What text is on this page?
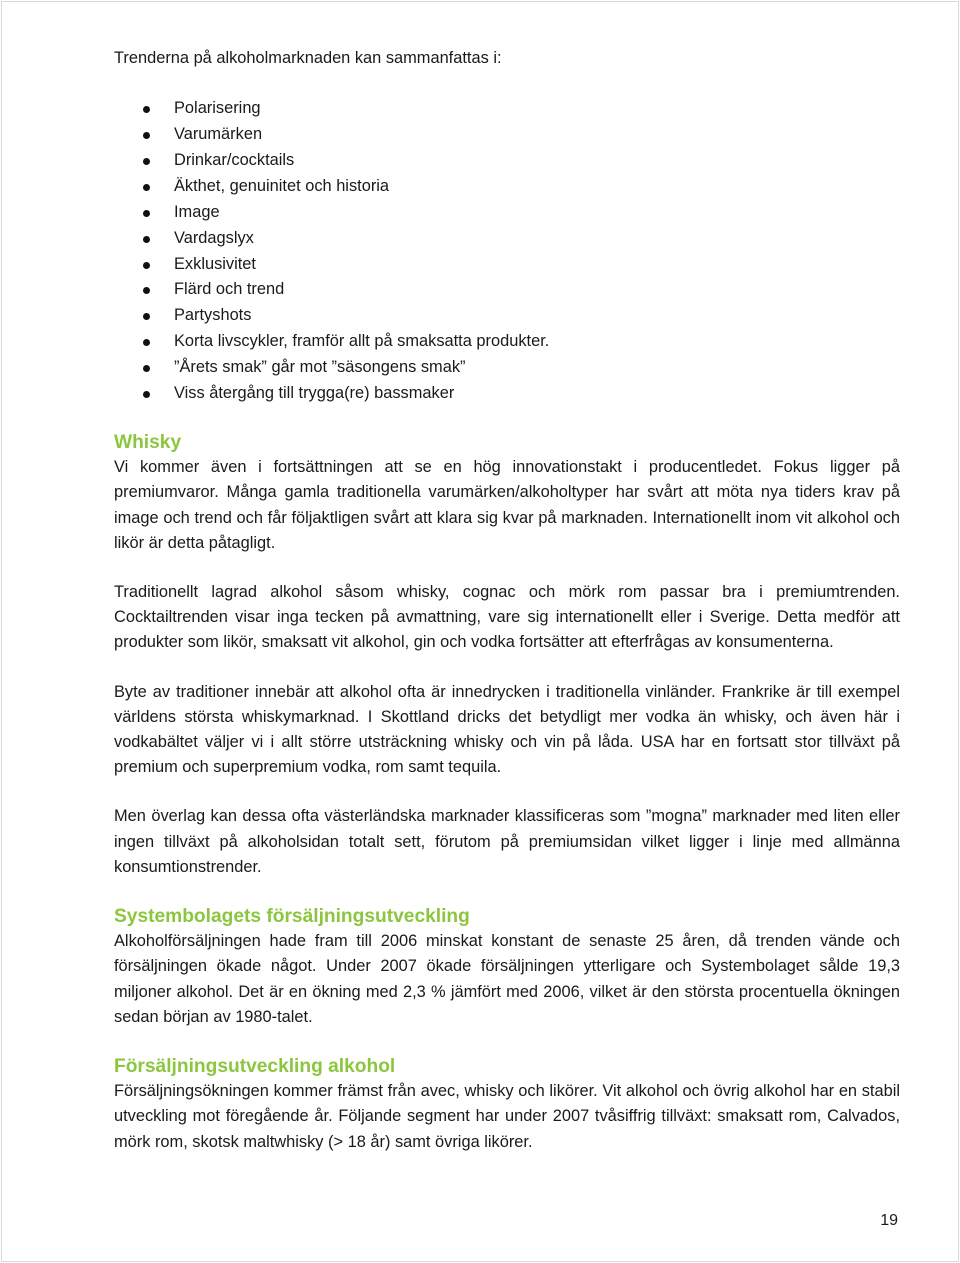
Trenderna på alkoholmarknaden kan sammanfattas i:

Polarisering
Varumärken
Drinkar/cocktails
Äkthet, genuinitet och historia
Image
Vardagslyx
Exklusivitet
Flärd och trend
Partyshots
Korta livscykler, framför allt på smaksatta produkter.
”Årets smak” går mot ”säsongens smak”
Viss återgång till trygga(re) bassmaker
Whisky

Vi kommer även i fortsättningen att se en hög innovationstakt i producentledet. Fokus ligger på premiumvaror. Många gamla traditionella varumärken/alkoholtyper har svårt att möta nya tiders krav på image och trend och får följaktligen svårt att klara sig kvar på marknaden. Internationellt inom vit alkohol och likör är detta påtagligt.

Traditionellt lagrad alkohol såsom whisky, cognac och mörk rom passar bra i premiumtrenden. Cocktailtrenden visar inga tecken på avmattning, vare sig internationellt eller i Sverige. Detta medför att produkter som likör, smaksatt vit alkohol, gin och vodka fortsätter att efterfrågas av konsumenterna.

Byte av traditioner innebär att alkohol ofta är innedrycken i traditionella vinländer. Frankrike är till exempel världens största whiskymarknad. I Skottland dricks det betydligt mer vodka än whisky, och även här i vodkabältet väljer vi i allt större utsträckning whisky och vin på låda. USA har en fortsatt stor tillväxt på premium och superpremium vodka, rom samt tequila.

Men överlag kan dessa ofta västerländska marknader klassificeras som ”mogna” marknader med liten eller ingen tillväxt på alkoholsidan totalt sett, förutom på premiumsidan vilket ligger i linje med allmänna konsumtionstrender.

Systembolagets försäljningsutveckling

Alkoholförsäljningen hade fram till 2006 minskat konstant de senaste 25 åren, då trenden vände och försäljningen ökade något. Under 2007 ökade försäljningen ytterligare och Systembolaget sålde 19,3 miljoner alkohol. Det är en ökning med 2,3 % jämfört med 2006, vilket är den största procentuella ökningen sedan början av 1980-talet.

Försäljningsutveckling alkohol

Försäljningsökningen kommer främst från avec, whisky och likörer. Vit alkohol och övrig alkohol har en stabil utveckling mot föregående år. Följande segment har under 2007 tvåsiffrig tillväxt: smaksatt rom, Calvados, mörk rom, skotsk maltwhisky (> 18 år) samt övriga likörer.

19
